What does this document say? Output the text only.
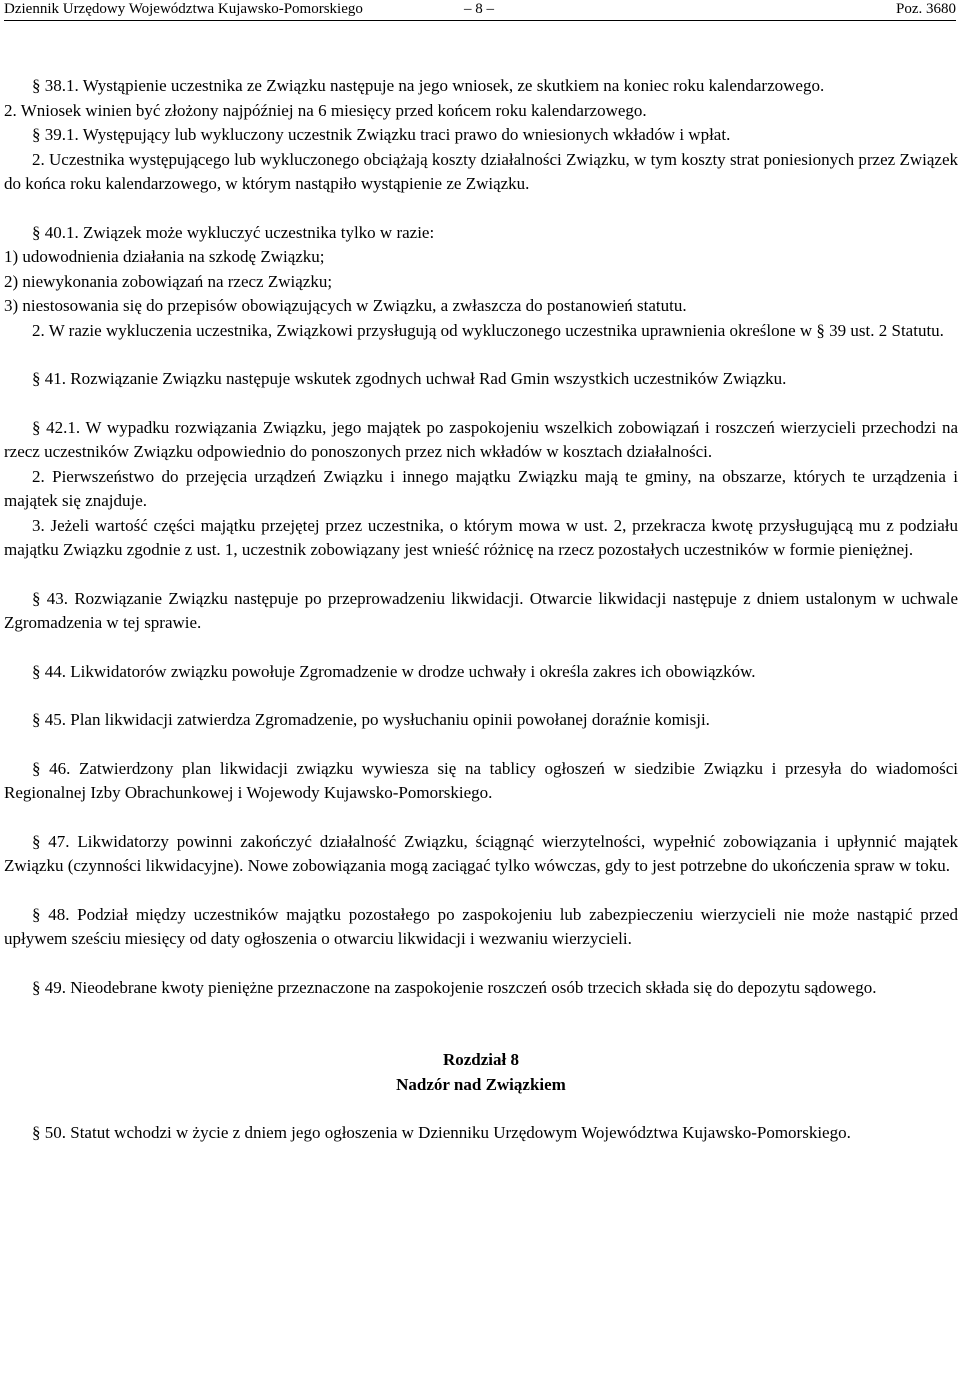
Dziennik Urzędowy Województwa Kujawsko-Pomorskiego	– 8 –	Poz. 3680

§ 38.1. Wystąpienie uczestnika ze Związku następuje na jego wniosek, ze skutkiem na koniec roku kalendarzowego.

2. Wniosek winien być złożony najpóźniej na 6 miesięcy przed końcem roku kalendarzowego.

§ 39.1. Występujący lub wykluczony uczestnik Związku traci prawo do wniesionych wkładów i wpłat.

2. Uczestnika występującego lub wykluczonego obciążają koszty działalności Związku, w tym koszty strat poniesionych przez Związek do końca roku kalendarzowego, w którym nastąpiło wystąpienie ze Związku.

§ 40.1. Związek może wykluczyć uczestnika tylko w razie:

1) udowodnienia działania na szkodę Związku;

2) niewykonania zobowiązań na rzecz Związku;

3) niestosowania się do przepisów obowiązujących w Związku, a zwłaszcza do postanowień statutu.

2. W razie wykluczenia uczestnika, Związkowi przysługują od wykluczonego uczestnika uprawnienia określone w § 39 ust. 2 Statutu.

§ 41. Rozwiązanie Związku następuje wskutek zgodnych uchwał Rad Gmin wszystkich uczestników Związku.

§ 42.1. W wypadku rozwiązania Związku, jego majątek po zaspokojeniu wszelkich zobowiązań i roszczeń wierzycieli przechodzi na rzecz uczestników Związku odpowiednio do ponoszonych przez nich wkładów w kosztach działalności.

2. Pierwszeństwo do przejęcia urządzeń Związku i innego majątku Związku mają te gminy, na obszarze, których te urządzenia i majątek się znajduje.

3. Jeżeli wartość części majątku przejętej przez uczestnika, o którym mowa w ust. 2, przekracza kwotę przysługującą mu z podziału majątku Związku zgodnie z ust. 1, uczestnik zobowiązany jest wnieść różnicę na rzecz pozostałych uczestników w formie pieniężnej.

§ 43. Rozwiązanie Związku następuje po przeprowadzeniu likwidacji. Otwarcie likwidacji następuje z dniem ustalonym w uchwale Zgromadzenia w tej sprawie.

§ 44. Likwidatorów związku powołuje Zgromadzenie w drodze uchwały i określa zakres ich obowiązków.

§ 45. Plan likwidacji zatwierdza Zgromadzenie, po wysłuchaniu opinii powołanej doraźnie komisji.

§ 46. Zatwierdzony plan likwidacji związku wywiesza się na tablicy ogłoszeń w siedzibie Związku i przesyła do wiadomości Regionalnej Izby Obrachunkowej i Wojewody Kujawsko-Pomorskiego.

§ 47. Likwidatorzy powinni zakończyć działalność Związku, ściągnąć wierzytelności, wypełnić zobowiązania i upłynnić majątek Związku (czynności likwidacyjne). Nowe zobowiązania mogą zaciągać tylko wówczas, gdy to jest potrzebne do ukończenia spraw w toku.

§ 48. Podział między uczestników majątku pozostałego po zaspokojeniu lub zabezpieczeniu wierzycieli nie może nastąpić przed upływem sześciu miesięcy od daty ogłoszenia o otwarciu likwidacji i wezwaniu wierzycieli.

§ 49. Nieodebrane kwoty pieniężne przeznaczone na zaspokojenie roszczeń osób trzecich składa się do depozytu sądowego.

Rozdział 8

Nadzór nad Związkiem

§ 50. Statut wchodzi w życie z dniem jego ogłoszenia w Dzienniku Urzędowym Województwa Kujawsko-Pomorskiego.
